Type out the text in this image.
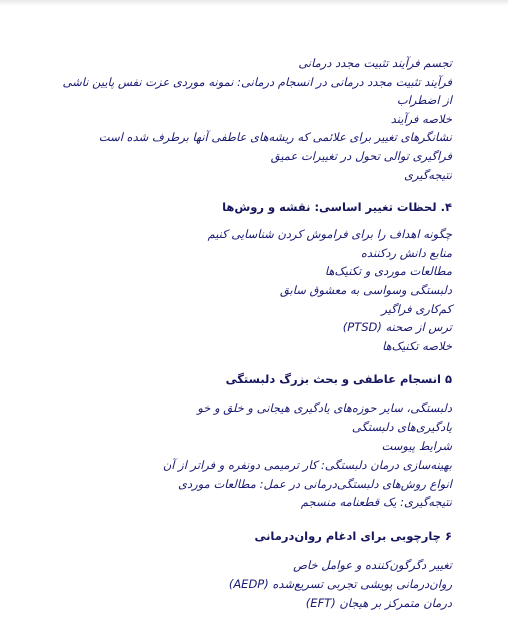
تجسم فرآیند تثبیت مجدد درمانی
فرآیند تثبیت مجدد درمانی در انسجام درمانی: نمونه موردی عزت نفس پایین ناشی
از اضطراب
خلاصه فرآیند
نشانگرهای تغییر برای علائمی که ریشه‌های عاطفی آنها برطرف شده است
فراگیری توالی تحول در تغییرات عمیق
نتیجه‌گیری
۴. لحظات تغییر اساسی: نقشه و روش‌ها
چگونه اهداف را برای فراموش کردن شناسایی کنیم
منابع دانش ردکننده
مطالعات موردی و تکنیک‌ها
دلبستگی وسواسی به معشوق سابق
کم‌کاری فراگیر
ترس از صحنه (PTSD)
خلاصه تکنیک‌ها
۵ انسجام عاطفی و بحث بزرگ دلبستگی
دلبستگی، سایر حوزه‌های یادگیری هیجانی و خلق و خو
یادگیری‌های دلبستگی
شرایط پیوست
بهینه‌سازی درمان دلبستگی: کار ترمیمی دونفره و فراتر از آن
انواع روش‌های دلبستگی‌درمانی در عمل: مطالعات موردی
نتیجه‌گیری: یک قطعنامه منسجم
۶ چارچوبی برای ادغام روان‌درمانی
تغییر دگرگون‌کننده و عوامل خاص
روان‌درمانی پویشی تجربی تسریع‌شده (AEDP)
درمان متمرکز بر هیجان (EFT)
